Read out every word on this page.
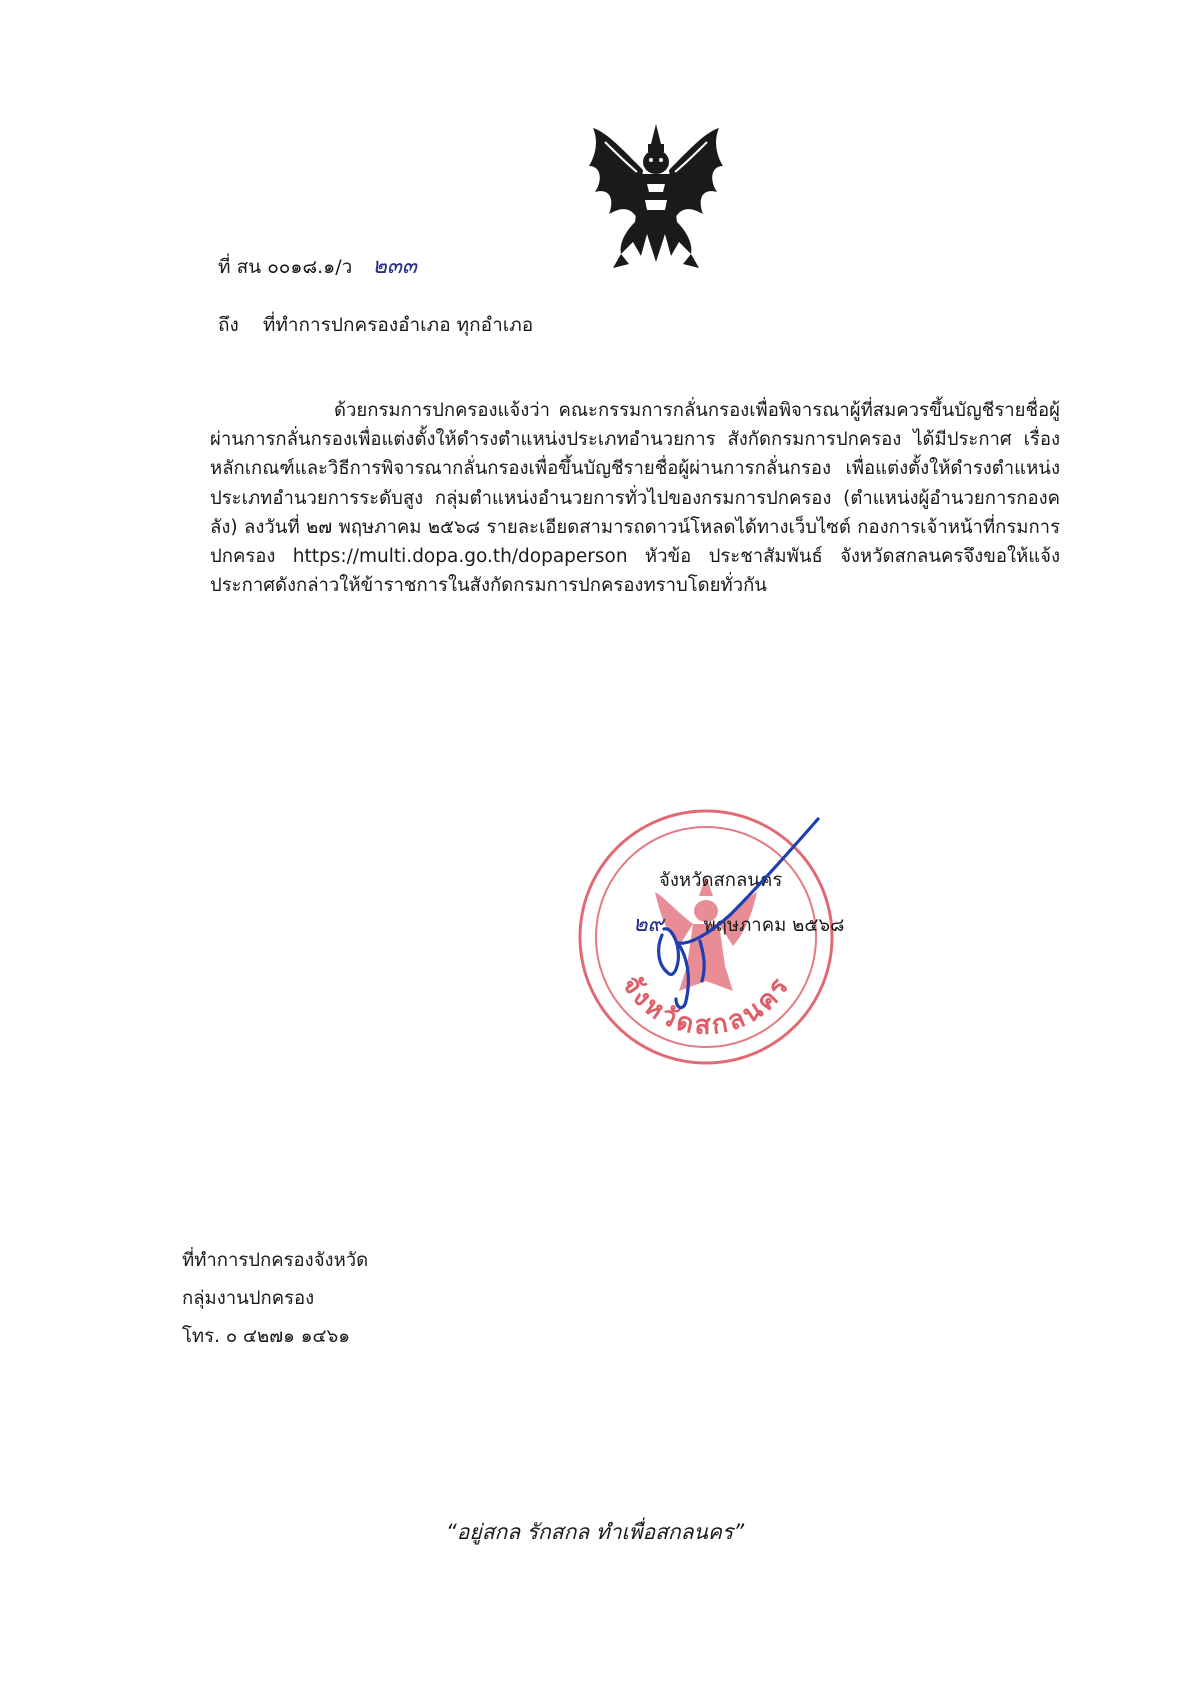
ที่ สน ๐๐๑๘.๑/ว ๒๓๓
ถึง ที่ทำการปกครองอำเภอ ทุกอำเภอ

ด้วยกรมการปกครองแจ้งว่า คณะกรรมการกลั่นกรองเพื่อพิจารณาผู้ที่สมควรขึ้นบัญชีรายชื่อผู้ผ่านการกลั่นกรองเพื่อแต่งตั้งให้ดำรงตำแหน่งประเภทอำนวยการ สังกัดกรมการปกครอง ได้มีประกาศ เรื่อง หลักเกณฑ์และวิธีการพิจารณากลั่นกรองเพื่อขึ้นบัญชีรายชื่อผู้ผ่านการกลั่นกรอง เพื่อแต่งตั้งให้ดำรงตำแหน่งประเภทอำนวยการระดับสูง กลุ่มตำแหน่งอำนวยการทั่วไปของกรมการปกครอง (ตำแหน่งผู้อำนวยการกองคลัง) ลงวันที่ ๒๗ พฤษภาคม ๒๕๖๘ รายละเอียดสามารถดาวน์โหลดได้ทางเว็บไซต์ กองการเจ้าหน้าที่กรมการปกครอง https://multi.dopa.go.th/dopaperson หัวข้อ ประชาสัมพันธ์ จังหวัดสกลนครจึงขอให้แจ้งประกาศดังกล่าวให้ข้าราชการในสังกัดกรมการปกครองทราบโดยทั่วกัน

จังหวัดสกลนคร
จังหวัดสกลนคร
๒๙ พฤษภาคม ๒๕๖๘
ที่ทำการปกครองจังหวัด
กลุ่มงานปกครอง
โทร. ๐ ๔๒๗๑ ๑๔๖๑
“อยู่สกล รักสกล ทำเพื่อสกลนคร”
